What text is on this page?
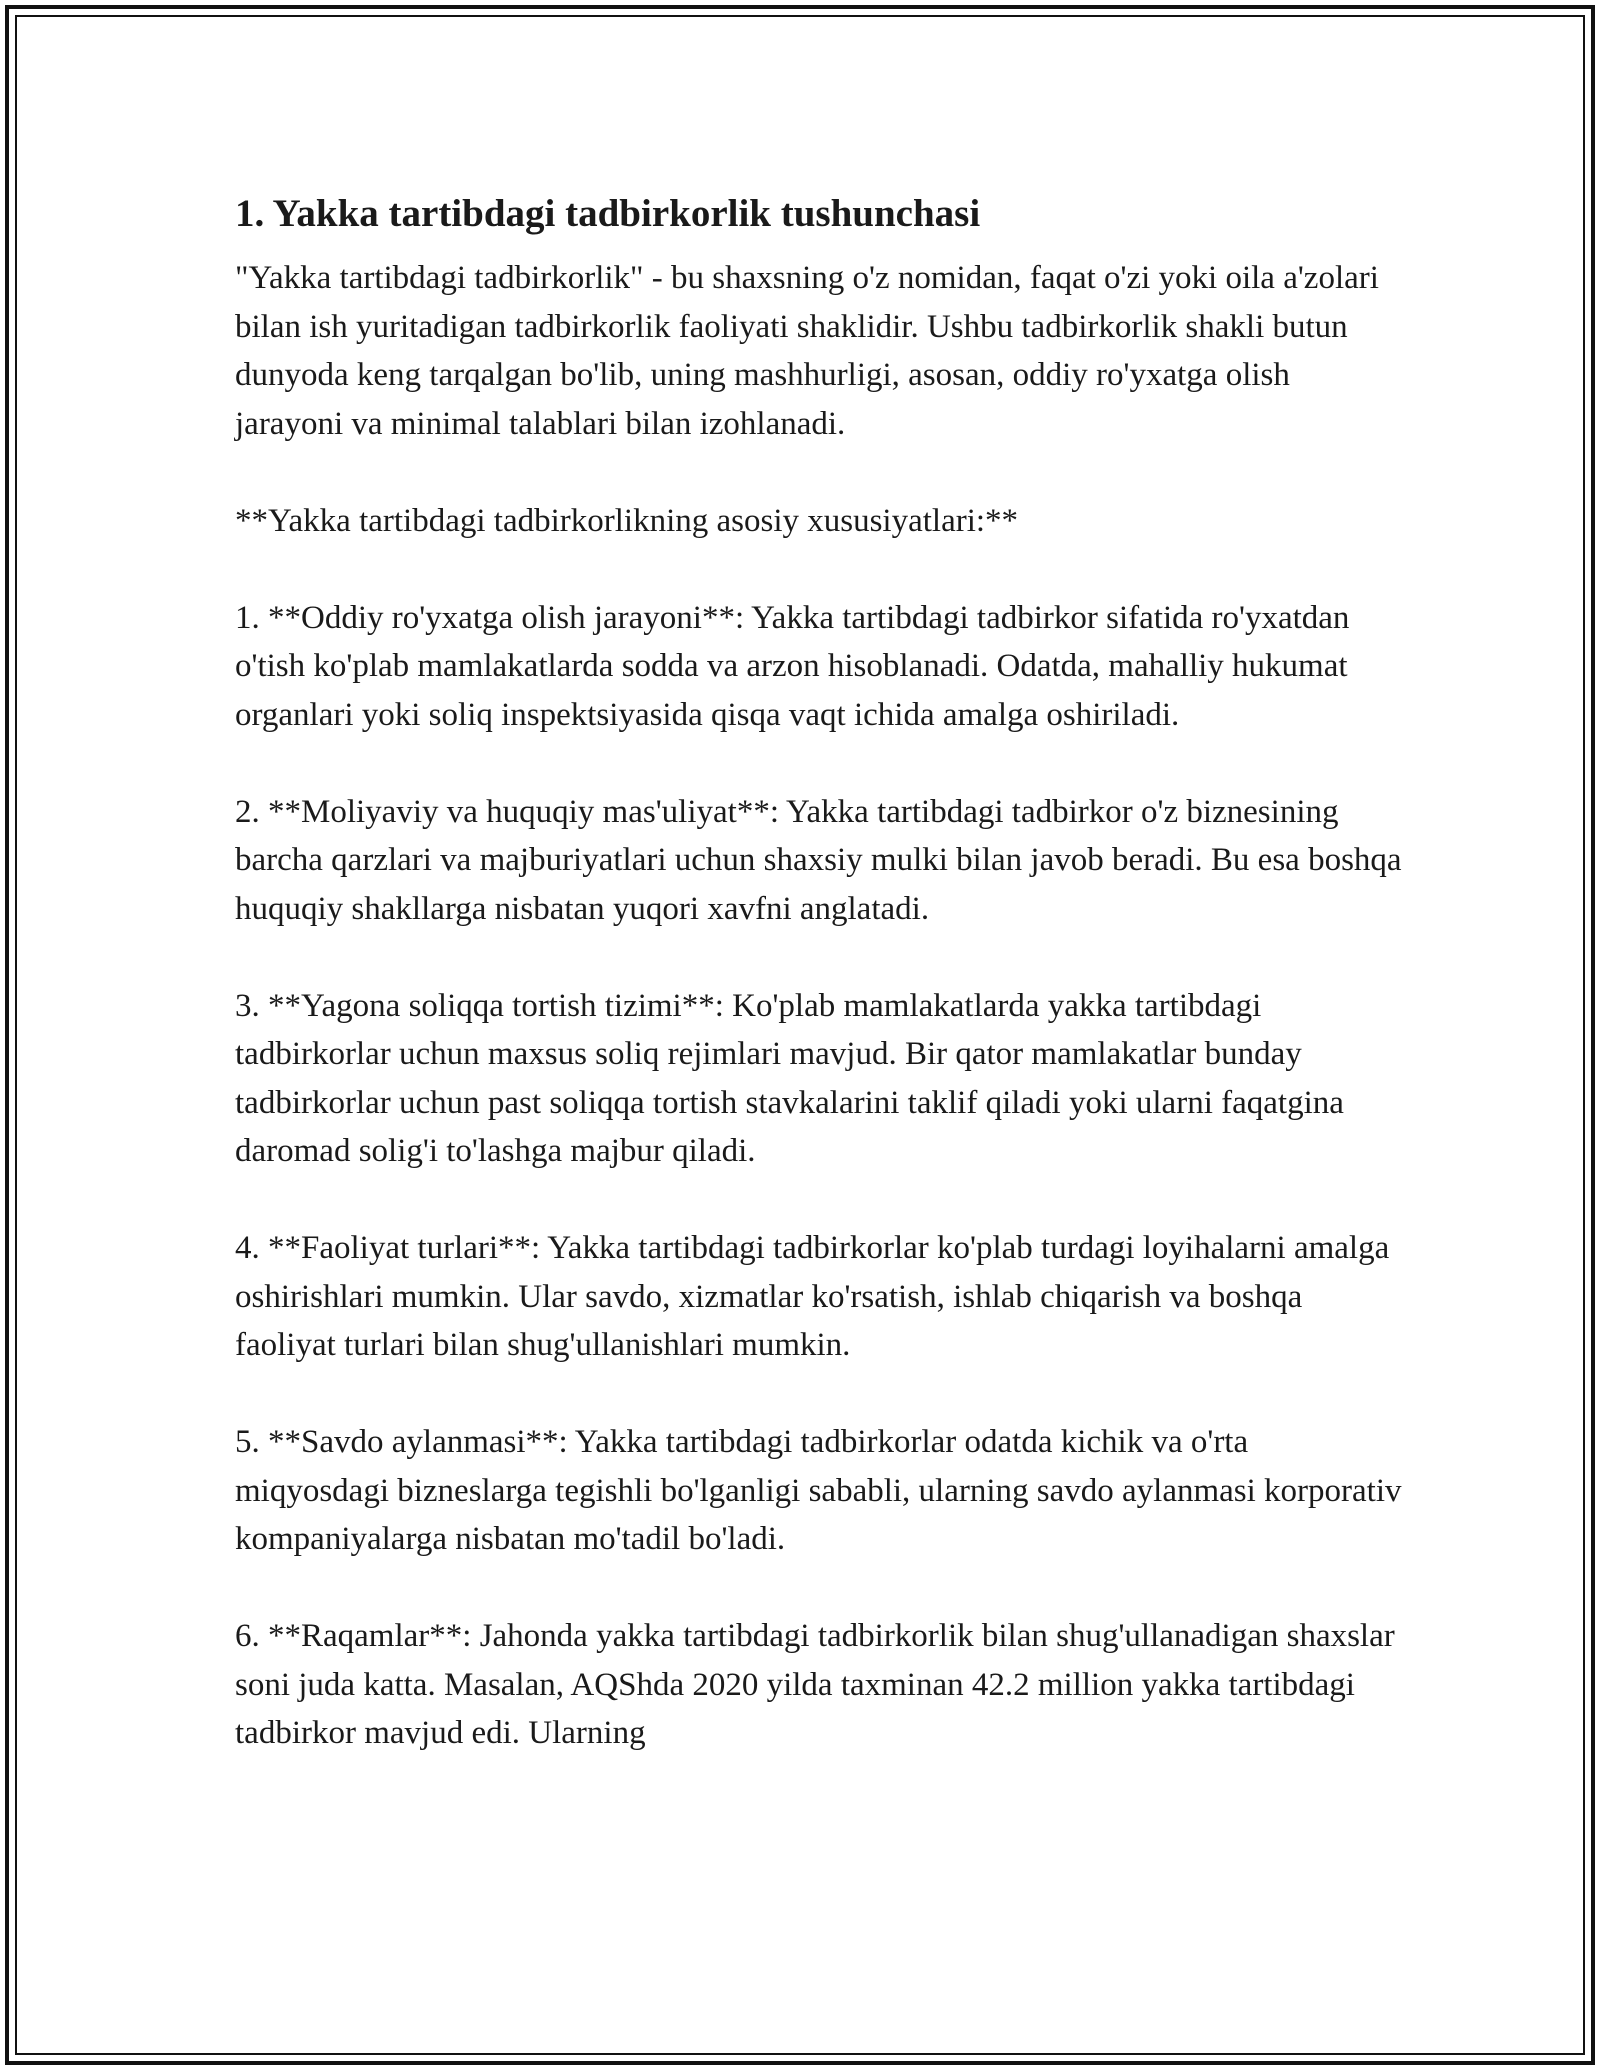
1. Yakka tartibdagi tadbirkorlik tushunchasi

"Yakka tartibdagi tadbirkorlik" - bu shaxsning o'z nomidan, faqat o'zi yoki oila a'zolari bilan ish yuritadigan tadbirkorlik faoliyati shaklidir. Ushbu tadbirkorlik shakli butun dunyoda keng tarqalgan bo'lib, uning mashhurligi, asosan, oddiy ro'yxatga olish jarayoni va minimal talablari bilan izohlanadi.

**Yakka tartibdagi tadbirkorlikning asosiy xususiyatlari:**

1. **Oddiy ro'yxatga olish jarayoni**: Yakka tartibdagi tadbirkor sifatida ro'yxatdan o'tish ko'plab mamlakatlarda sodda va arzon hisoblanadi. Odatda, mahalliy hukumat organlari yoki soliq inspektsiyasida qisqa vaqt ichida amalga oshiriladi.

2. **Moliyaviy va huquqiy mas'uliyat**: Yakka tartibdagi tadbirkor o'z biznesining barcha qarzlari va majburiyatlari uchun shaxsiy mulki bilan javob beradi. Bu esa boshqa huquqiy shakllarga nisbatan yuqori xavfni anglatadi.

3. **Yagona soliqqa tortish tizimi**: Ko'plab mamlakatlarda yakka tartibdagi tadbirkorlar uchun maxsus soliq rejimlari mavjud. Bir qator mamlakatlar bunday tadbirkorlar uchun past soliqqa tortish stavkalarini taklif qiladi yoki ularni faqatgina daromad solig'i to'lashga majbur qiladi.

4. **Faoliyat turlari**: Yakka tartibdagi tadbirkorlar ko'plab turdagi loyihalarni amalga oshirishlari mumkin. Ular savdo, xizmatlar ko'rsatish, ishlab chiqarish va boshqa faoliyat turlari bilan shug'ullanishlari mumkin.

5. **Savdo aylanmasi**: Yakka tartibdagi tadbirkorlar odatda kichik va o'rta miqyosdagi bizneslarga tegishli bo'lganligi sababli, ularning savdo aylanmasi korporativ kompaniyalarga nisbatan mo'tadil bo'ladi.

6. **Raqamlar**: Jahonda yakka tartibdagi tadbirkorlik bilan shug'ullanadigan shaxslar soni juda katta. Masalan, AQShda 2020 yilda taxminan 42.2 million yakka tartibdagi tadbirkor mavjud edi. Ularning
